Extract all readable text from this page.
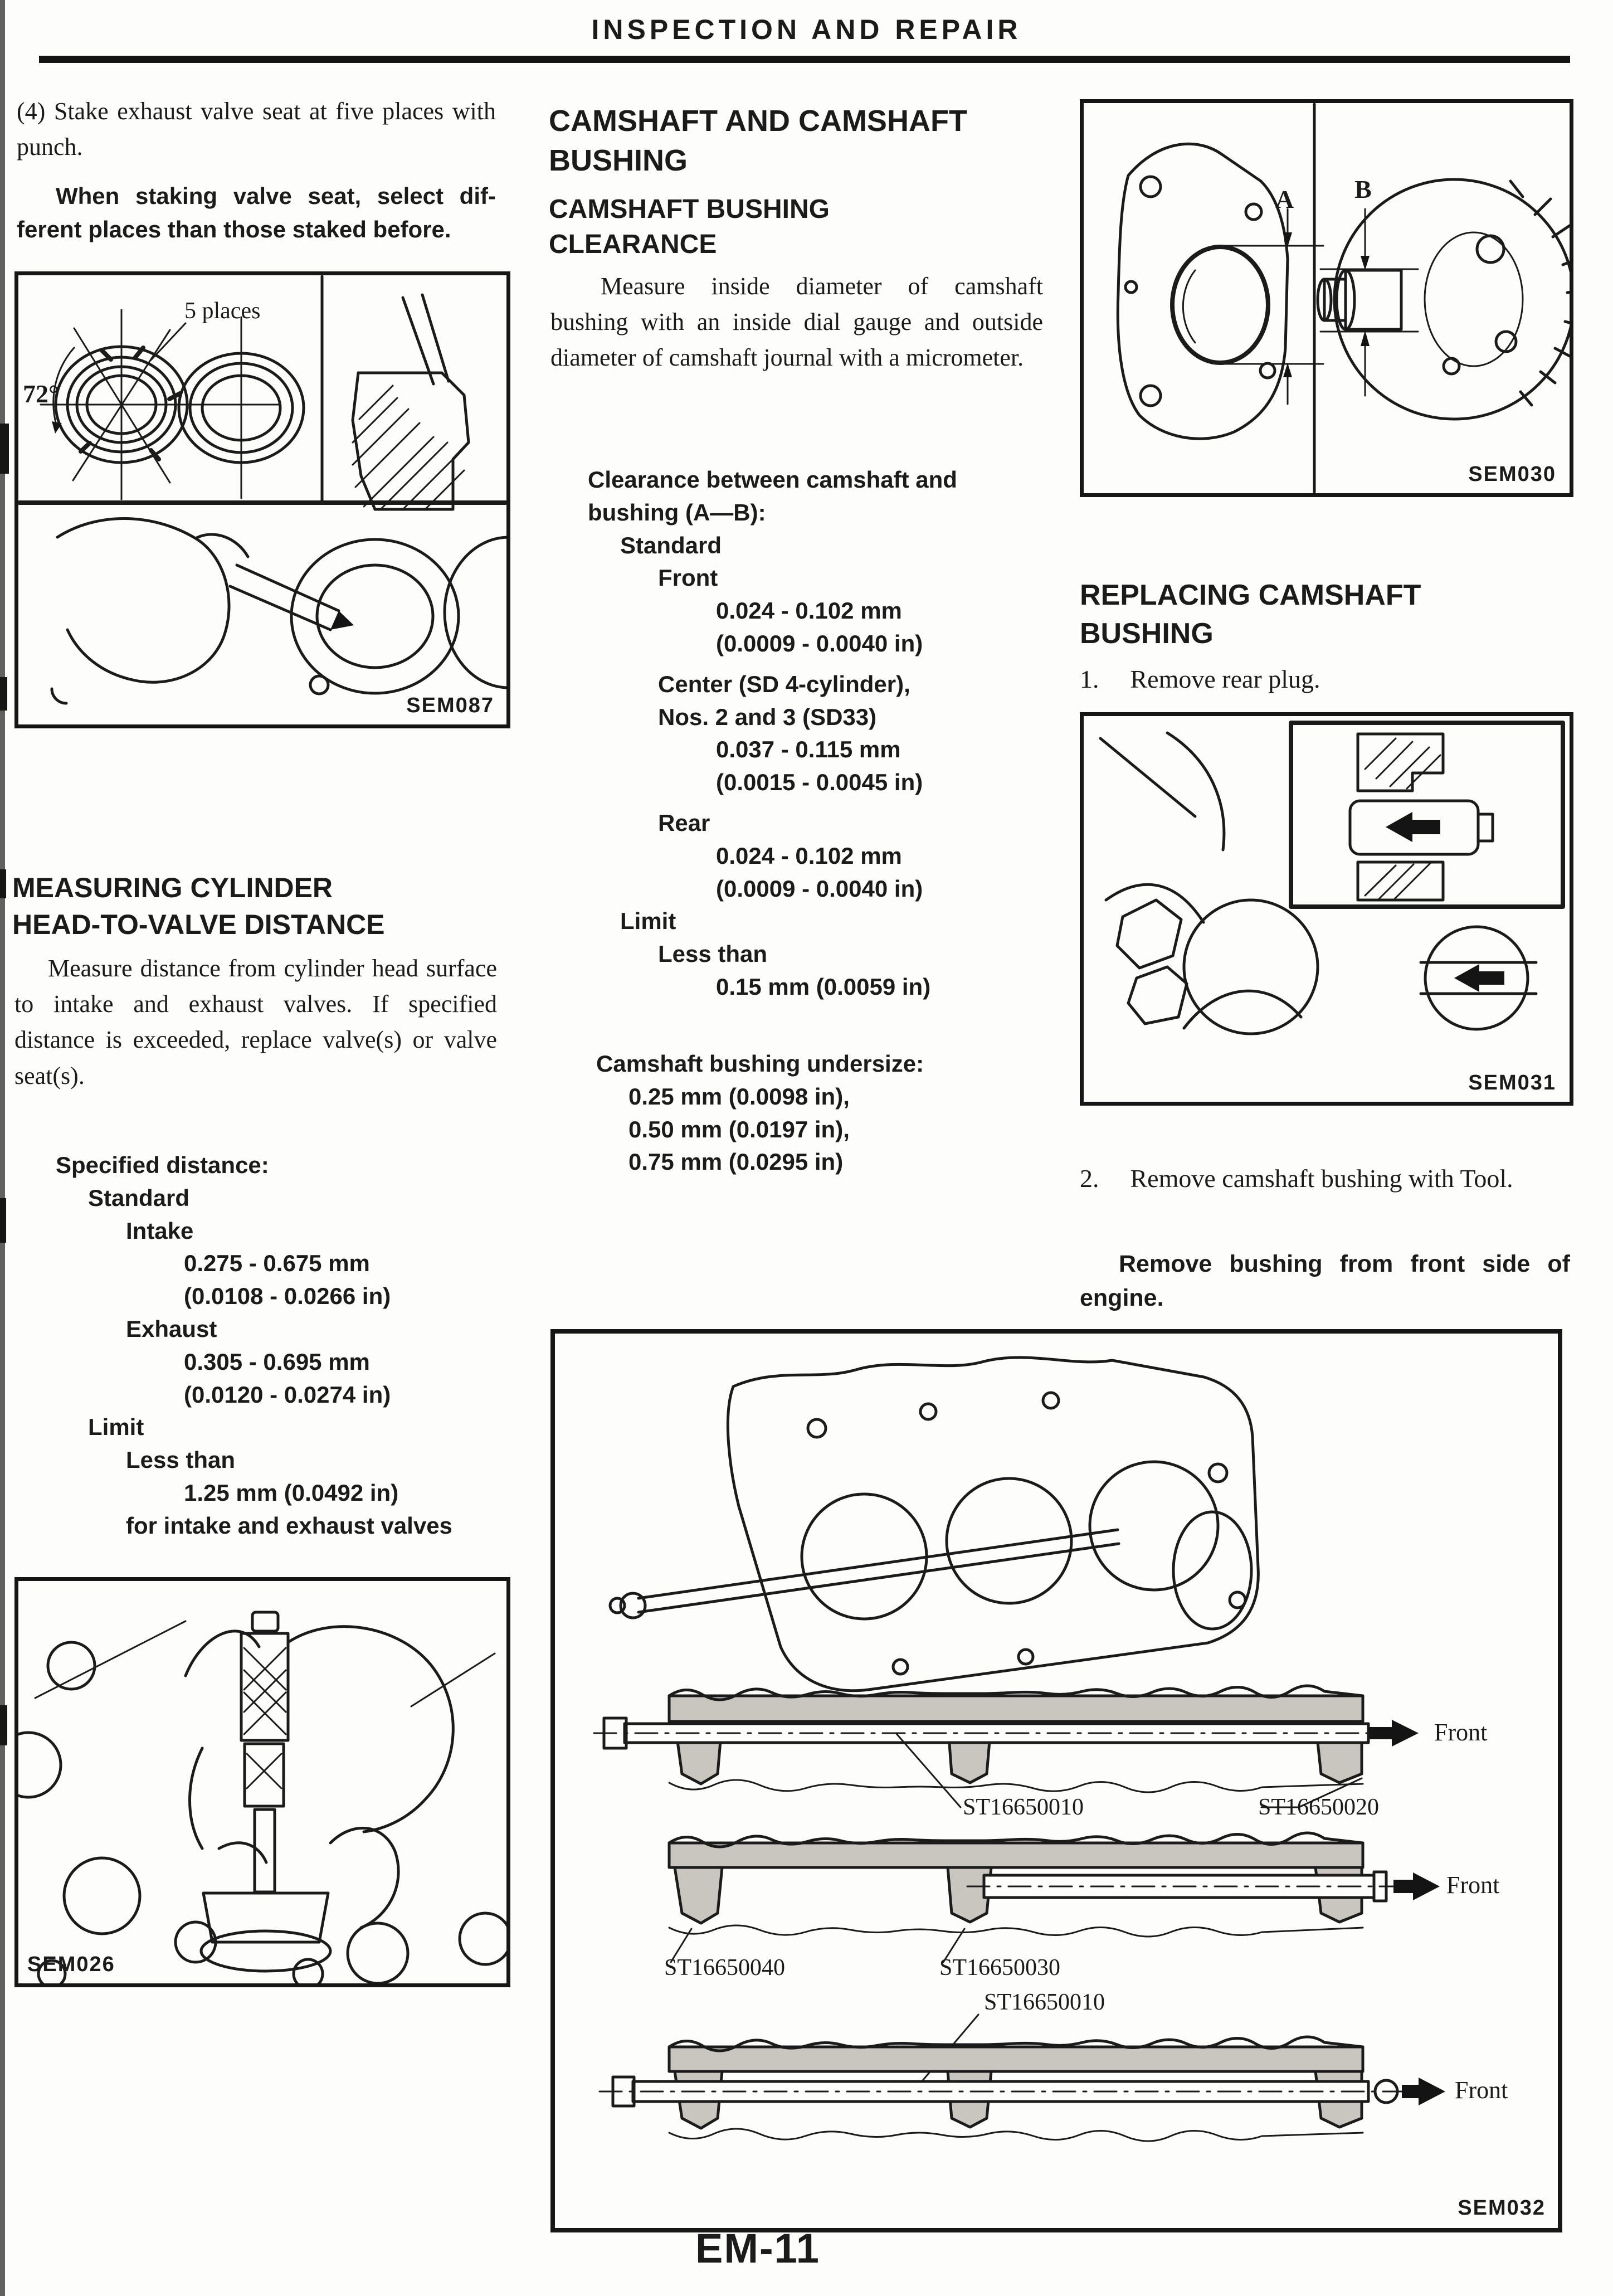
INSPECTION AND REPAIR
(4) Stake exhaust valve seat at five places with punch.
When staking valve seat, select different places than those staked before.
5 places
72°
SEM087
MEASURING CYLINDER
HEAD-TO-VALVE DISTANCE
Measure distance from cylinder head surface to intake and exhaust valves. If specified distance is exceeded, replace valve(s) or valve seat(s).
Specified distance:
Standard
Intake
0.275 - 0.675 mm
(0.0108 - 0.0266 in)
Exhaust
0.305 - 0.695 mm
(0.0120 - 0.0274 in)
Limit
Less than
1.25 mm (0.0492 in)
for intake and exhaust valves
SEM026
CAMSHAFT AND CAMSHAFT
BUSHING
CAMSHAFT BUSHING
CLEARANCE
Measure inside diameter of camshaft bushing with an inside dial gauge and outside diameter of camshaft journal with a micrometer.
Clearance between camshaft and bushing (A—B):
Standard
Front
0.024 - 0.102 mm
(0.0009 - 0.0040 in)
Center (SD 4-cylinder),
Nos. 2 and 3 (SD33)
0.037 - 0.115 mm
(0.0015 - 0.0045 in)
Rear
0.024 - 0.102 mm
(0.0009 - 0.0040 in)
Limit
Less than
0.15 mm (0.0059 in)
Camshaft bushing undersize:
0.25 mm (0.0098 in),
0.50 mm (0.0197 in),
0.75 mm (0.0295 in)
A B
SEM030
REPLACING CAMSHAFT
BUSHING
1. Remove rear plug.
SEM031
2. Remove camshaft bushing with Tool.
Remove bushing from front side of engine.
Front
Front
Front
ST16650010	ST16650020
ST16650040	ST16650030
ST16650010
SEM032
EM-11
